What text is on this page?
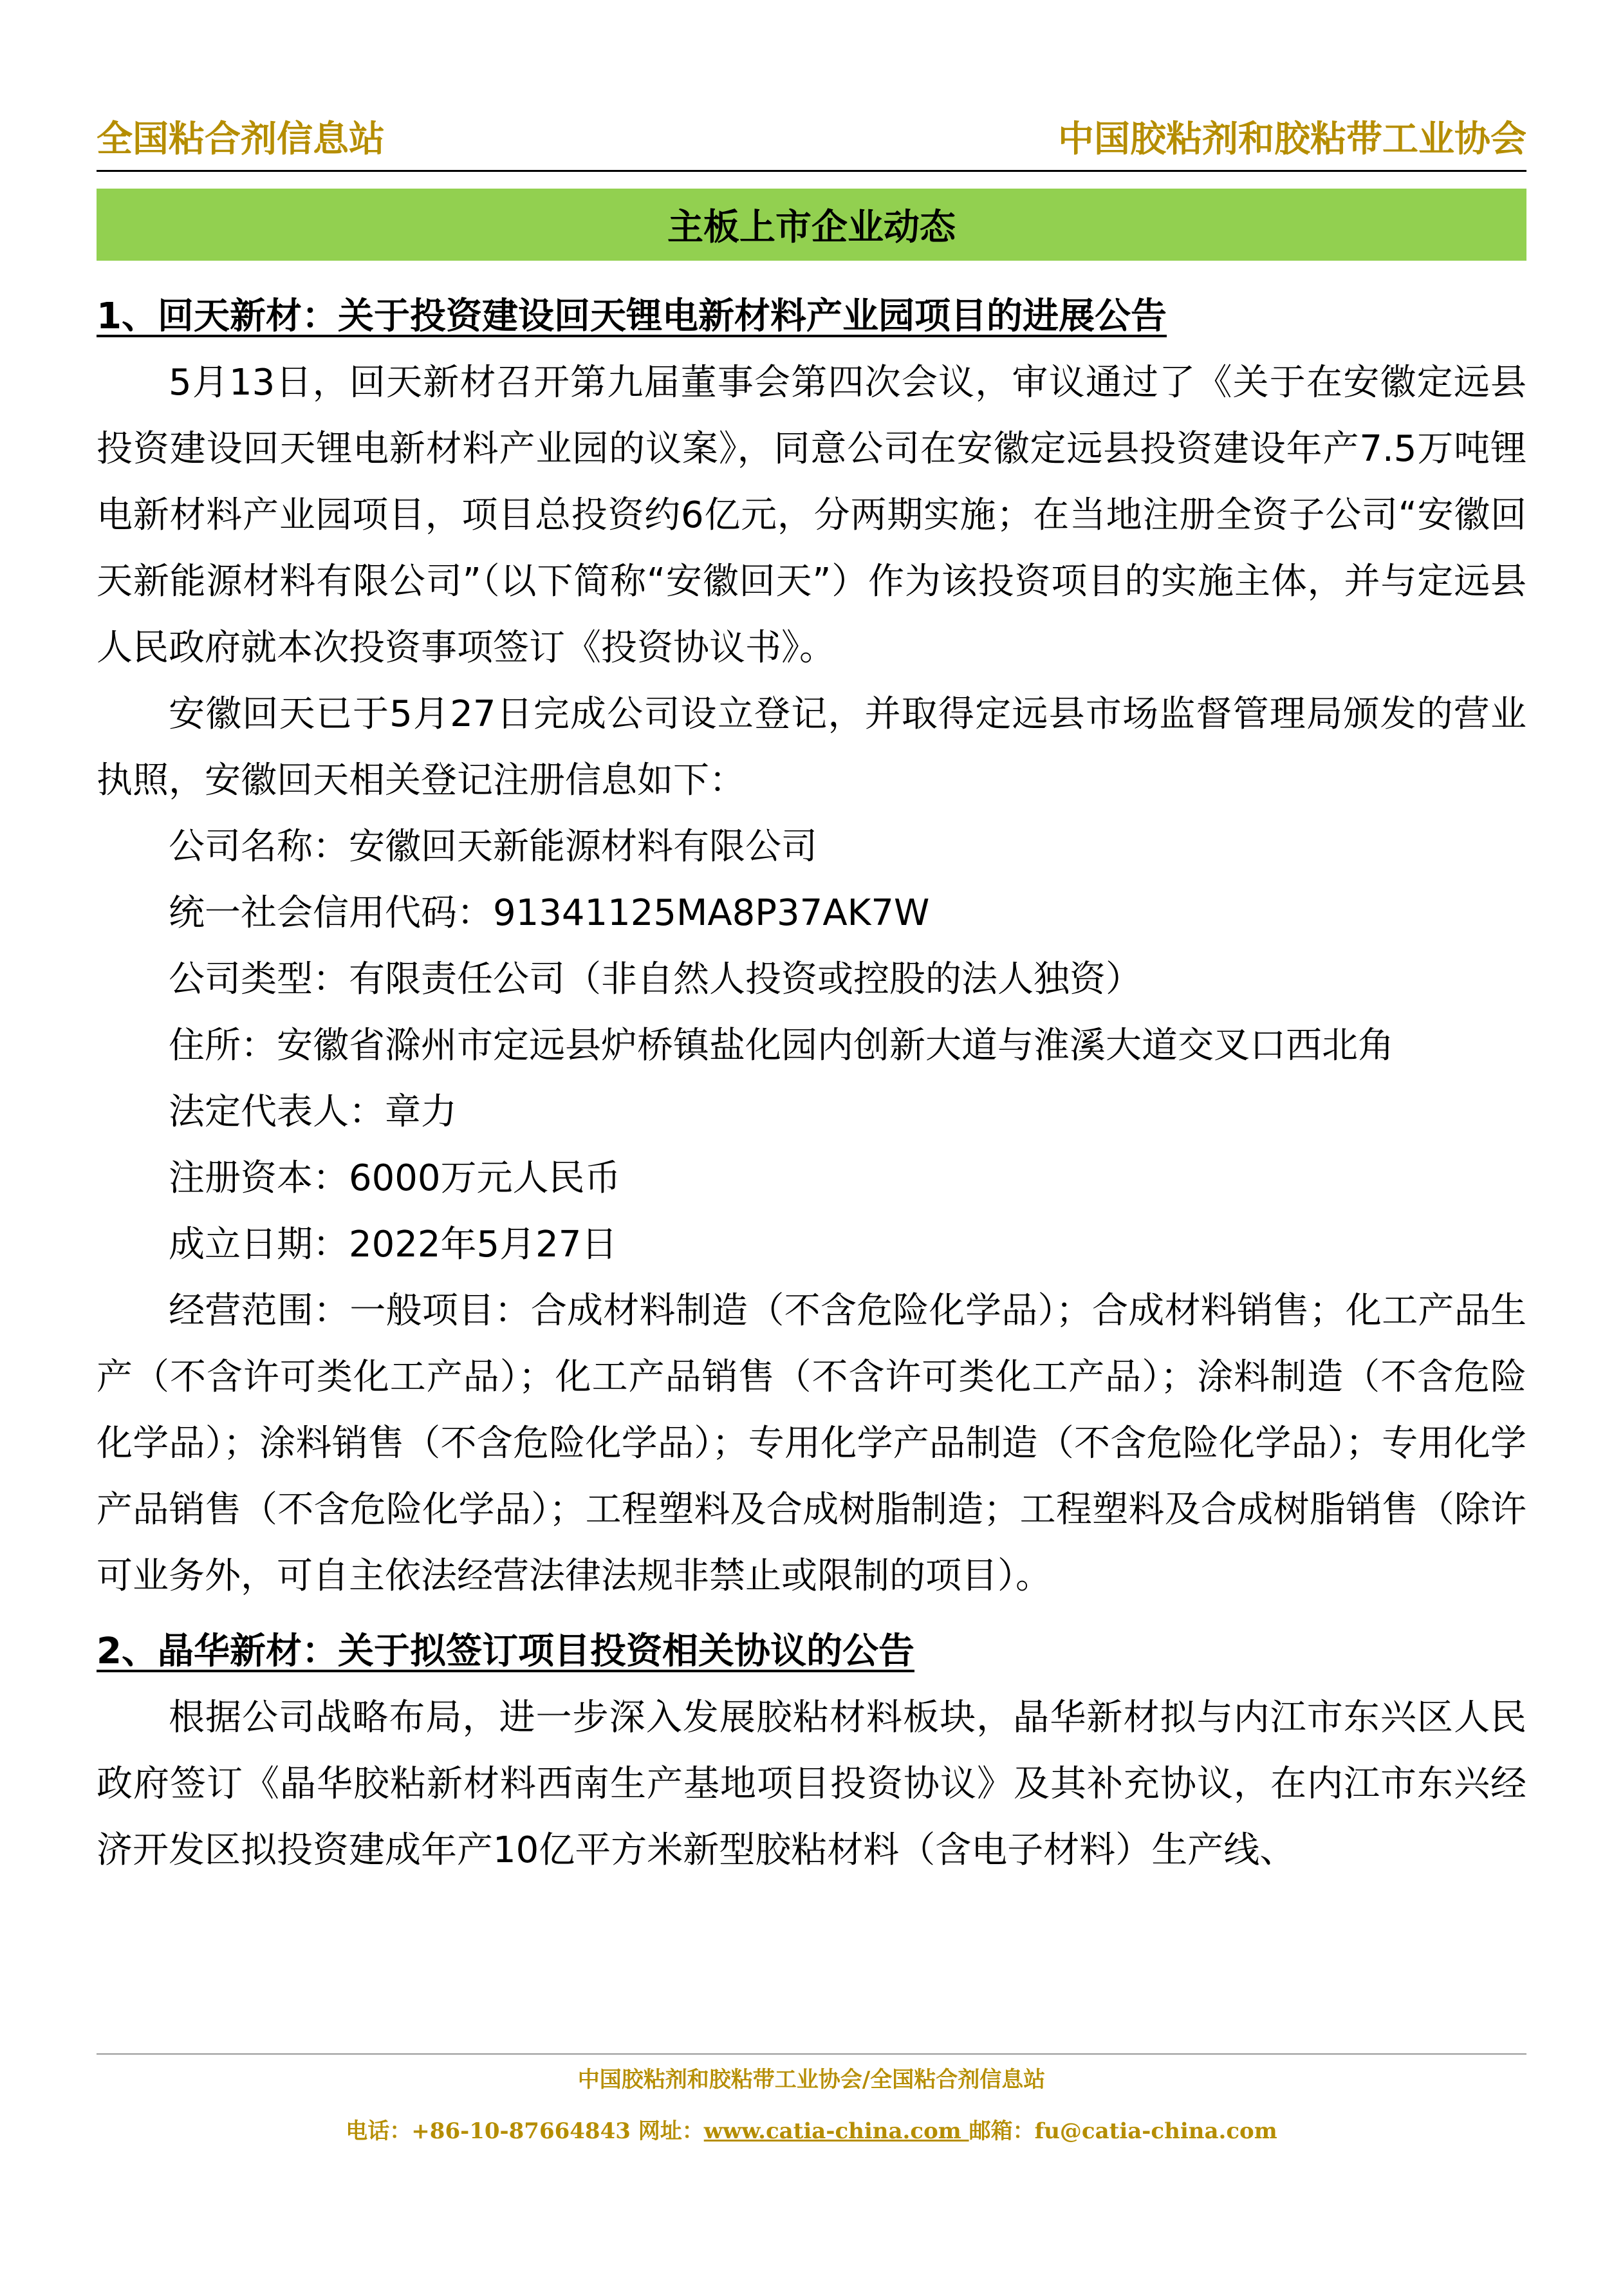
全国粘合剂信息站	中国胶粘剂和胶粘带工业协会
主板上市企业动态

1、回天新材：关于投资建设回天锂电新材料产业园项目的进展公告

5月13日，回天新材召开第九届董事会第四次会议，审议通过了《关于在安徽定远县投资建设回天锂电新材料产业园的议案》，同意公司在安徽定远县投资建设年产7.5万吨锂电新材料产业园项目，项目总投资约6亿元，分两期实施；在当地注册全资子公司“安徽回天新能源材料有限公司”（以下简称“安徽回天”）作为该投资项目的实施主体，并与定远县人民政府就本次投资事项签订《投资协议书》。

安徽回天已于5月27日完成公司设立登记，并取得定远县市场监督管理局颁发的营业执照，安徽回天相关登记注册信息如下：

公司名称：安徽回天新能源材料有限公司

统一社会信用代码：91341125MA8P37AK7W

公司类型：有限责任公司（非自然人投资或控股的法人独资）

住所：安徽省滁州市定远县炉桥镇盐化园内创新大道与淮溪大道交叉口西北角

法定代表人：章力

注册资本：6000万元人民币

成立日期：2022年5月27日

经营范围：一般项目：合成材料制造（不含危险化学品）；合成材料销售；化工产品生产（不含许可类化工产品）；化工产品销售（不含许可类化工产品）；涂料制造（不含危险化学品）；涂料销售（不含危险化学品）；专用化学产品制造（不含危险化学品）；专用化学产品销售（不含危险化学品）；工程塑料及合成树脂制造；工程塑料及合成树脂销售（除许可业务外，可自主依法经营法律法规非禁止或限制的项目）。

2、晶华新材：关于拟签订项目投资相关协议的公告

根据公司战略布局，进一步深入发展胶粘材料板块，晶华新材拟与内江市东兴区人民政府签订《晶华胶粘新材料西南生产基地项目投资协议》及其补充协议，在内江市东兴经济开发区拟投资建成年产10亿平方米新型胶粘材料（含电子材料）生产线、

中国胶粘剂和胶粘带工业协会/全国粘合剂信息站
电话：+86-10-87664843 网址：www.catia-china.com 邮箱：fu@catia-china.com
